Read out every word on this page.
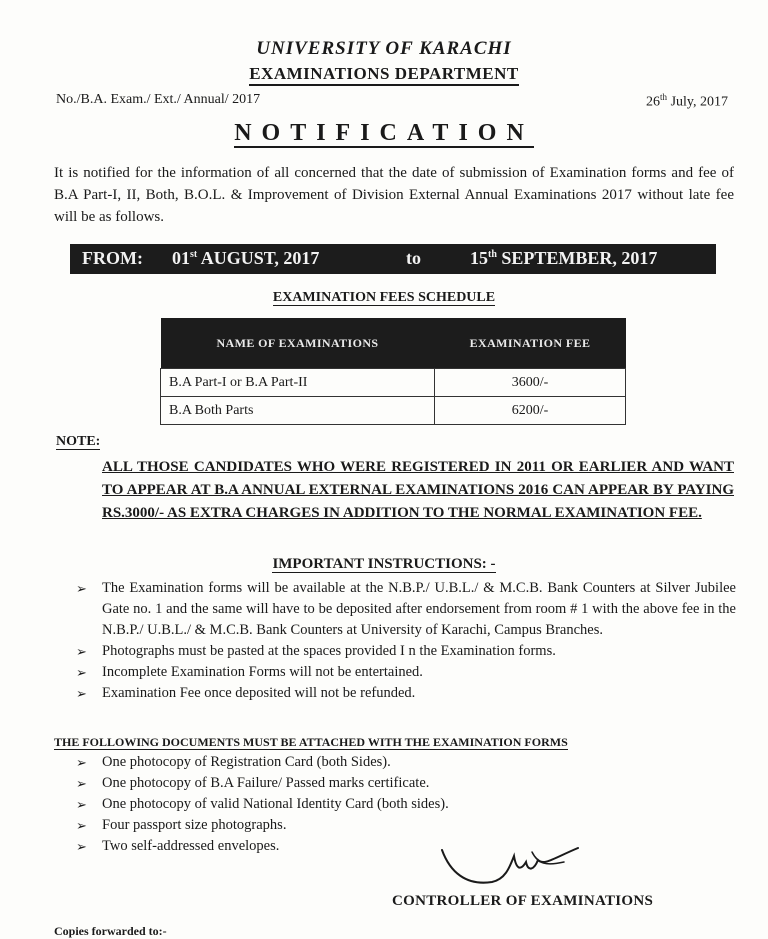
UNIVERSITY OF KARACHI
EXAMINATIONS DEPARTMENT
No./B.A. Exam./ Ext./ Annual/ 2017	26th July, 2017
NOTIFICATION
It is notified for the information of all concerned that the date of submission of Examination forms and fee of B.A Part-I, II, Both, B.O.L. & Improvement of Division External Annual Examinations 2017 without late fee will be as follows.
FROM: 01st AUGUST, 2017	to	15th SEPTEMBER, 2017
EXAMINATION FEES SCHEDULE
NAME OF EXAMINATIONS	EXAMINATION FEE
B.A Part-I or B.A Part-II	3600/-
B.A Both Parts	6200/-
NOTE:
ALL THOSE CANDIDATES WHO WERE REGISTERED IN 2011 OR EARLIER AND WANT TO APPEAR AT B.A ANNUAL EXTERNAL EXAMINATIONS 2016 CAN APPEAR BY PAYING RS.3000/- AS EXTRA CHARGES IN ADDITION TO THE NORMAL EXAMINATION FEE.
IMPORTANT INSTRUCTIONS: -
➢ The Examination forms will be available at the N.B.P./ U.B.L./ & M.C.B. Bank Counters at Silver Jubilee Gate no. 1 and the same will have to be deposited after endorsement from room # 1 with the above fee in the N.B.P./ U.B.L./ & M.C.B. Bank Counters at University of Karachi, Campus Branches.
➢ Photographs must be pasted at the spaces provided I n the Examination forms.
➢ Incomplete Examination Forms will not be entertained.
➢ Examination Fee once deposited will not be refunded.
THE FOLLOWING DOCUMENTS MUST BE ATTACHED WITH THE EXAMINATION FORMS
➢ One photocopy of Registration Card (both Sides).
➢ One photocopy of B.A Failure/ Passed marks certificate.
➢ One photocopy of valid National Identity Card (both sides).
➢ Four passport size photographs.
➢ Two self-addressed envelopes.
CONTROLLER OF EXAMINATIONS
Copies forwarded to:-
